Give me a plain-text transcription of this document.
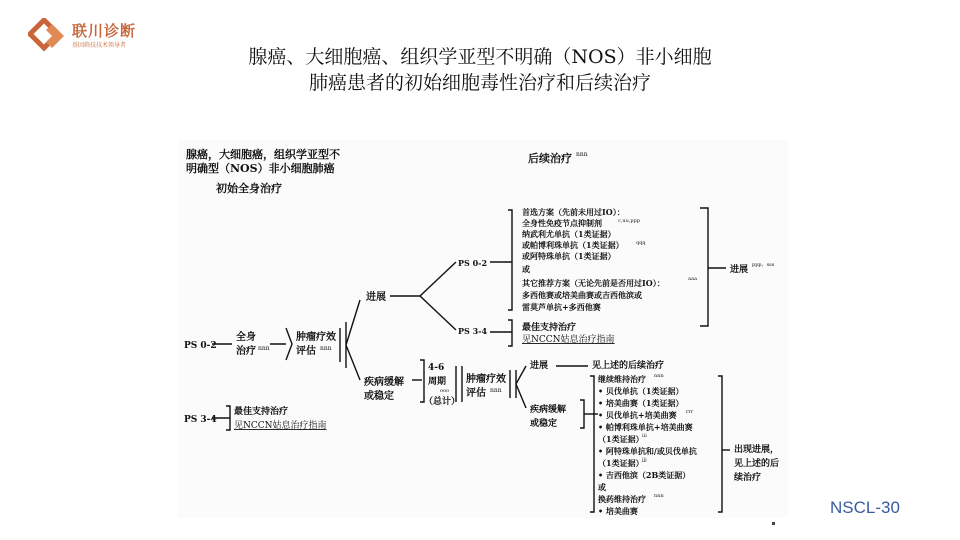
联川诊断
基因筛技技术领导者
腺癌、大细胞癌、组织学亚型不明确（NOS）非小细胞
肺癌患者的初始细胞毒性治疗和后续治疗
腺癌，大细胞癌，组织学亚型不
明确型（NOS）非小细胞肺癌
初始全身治疗
后续治疗 nnn
PS 0-2
全身
治疗 nnn
肿瘤疗效
评估 nnn
进展
PS 0-2
PS 3-4
首选方案（先前未用过IO）：
全身性免疫节点抑制剂	c,uu,ppp
纳武利尤单抗（1类证据）
或帕博利珠单抗（1类证据） qqq
或阿特珠单抗（1类证据）
或
其它推荐方案（无论先前是否用过IO）：	aaa
多西他赛或培美曲赛或吉西他滨或
雷莫芦单抗+多西他赛
进展 ppp，sss
最佳支持治疗
见NCCN姑息治疗指南
疾病缓解
或稳定
4-6
周期
ooo
（总计）
肿瘤疗效
评估 nnn
进展	见上述的后续治疗
疾病缓解
或稳定
继续维持治疗 nnn
• 贝伐单抗（1类证据）
• 培美曲赛（1类证据）
• 贝伐单抗+培美曲赛 rrr
• 帕博利珠单抗+培美曲赛
（1类证据）
iii
• 阿特珠单抗和/或贝伐单抗
（1类证据）
jjj
• 吉西他滨（2B类证据）
或
换药维持治疗 nnn
• 培美曲赛
出现进展，
见上述的后
续治疗
PS 3-4
最佳支持治疗
见NCCN姑息治疗指南
NSCL-30
